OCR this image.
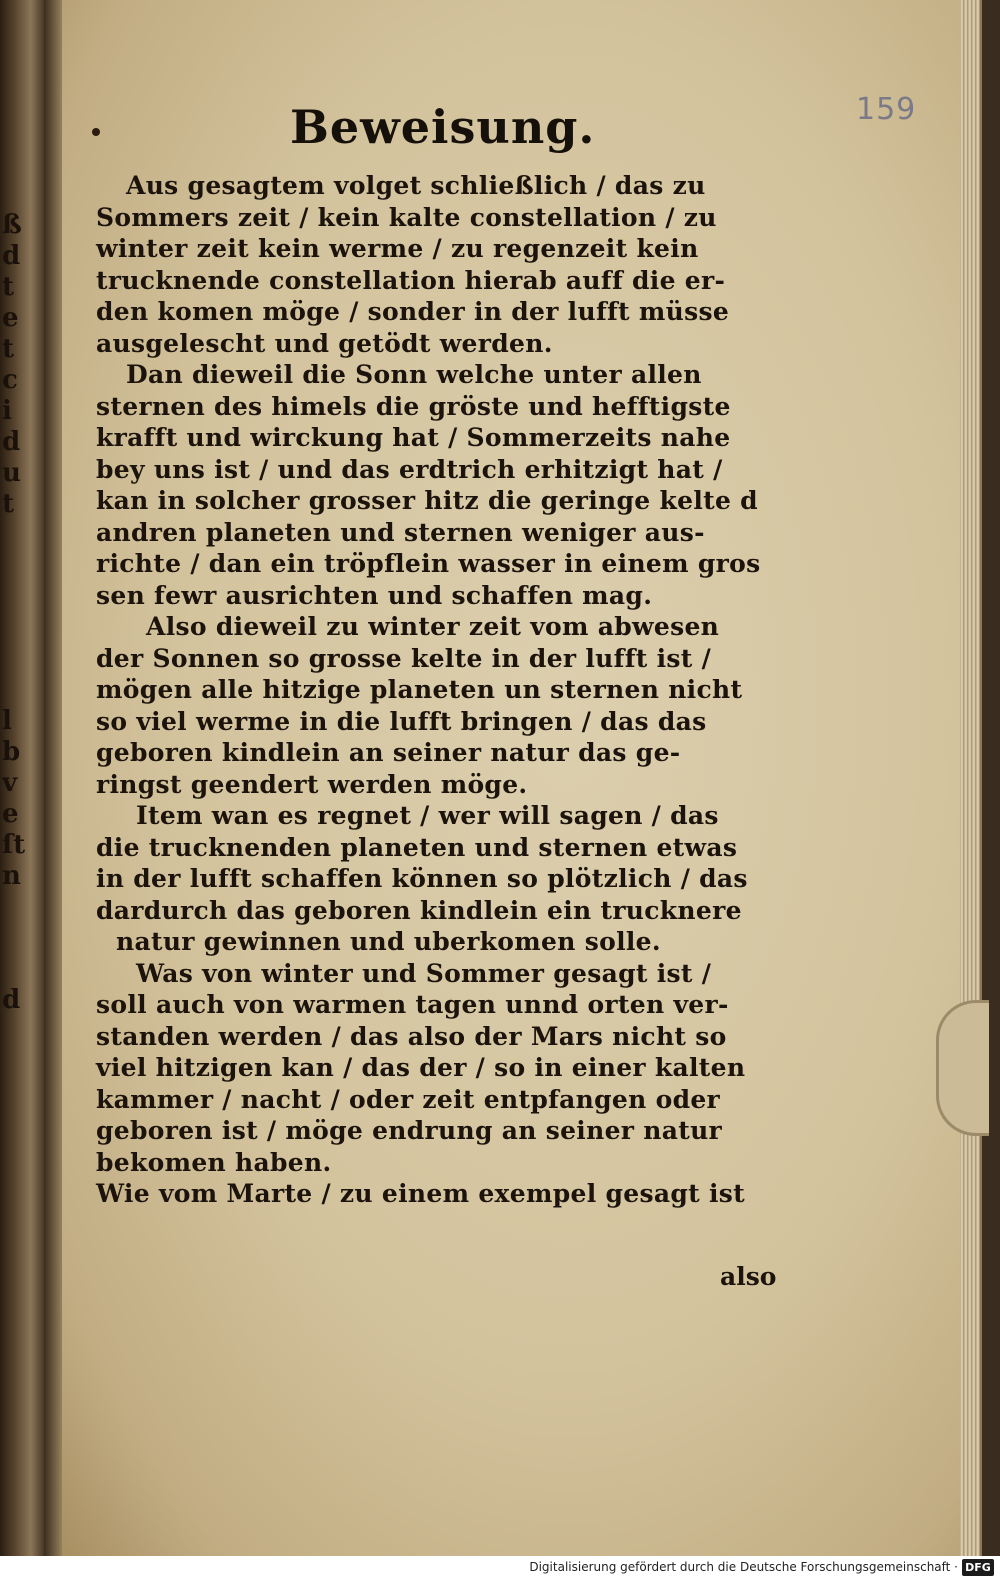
ß
d
t
e
t
c
i
d
u
t

l
b
v
e
ſt
n

d
159
Beweisung.
Aus gesagtem volget schließlich / das zu
Sommers zeit / kein kalte constellation / zu
winter zeit kein werme / zu regenzeit kein
trucknende constellation hierab auff die er-
den komen möge / sonder in der lufft müsse
ausgelescht und getödt werden.
Dan dieweil die Sonn welche unter allen
sternen des himels die gröste und hefftigste
krafft und wirckung hat / Sommerzeits nahe
bey uns ist / und das erdtrich erhitzigt hat /
kan in solcher grosser hitz die geringe kelte d
andren planeten und sternen weniger aus-
richte / dan ein tröpflein wasser in einem gros
sen fewr ausrichten und schaffen mag.
Also dieweil zu winter zeit vom abwesen
der Sonnen so grosse kelte in der lufft ist /
mögen alle hitzige planeten un sternen nicht
so viel werme in die lufft bringen / das das
geboren kindlein an seiner natur das ge-
ringst geendert werden möge.
Item wan es regnet / wer will sagen / das
die trucknenden planeten und sternen etwas
in der lufft schaffen können so plötzlich / das
dardurch das geboren kindlein ein trucknere
natur gewinnen und uberkomen solle.
Was von winter und Sommer gesagt ist /
soll auch von warmen tagen unnd orten ver-
standen werden / das also der Mars nicht so
viel hitzigen kan / das der / so in einer kalten
kammer / nacht / oder zeit entpfangen oder
geboren ist / möge endrung an seiner natur
bekomen haben.
Wie vom Marte / zu einem exempel gesagt ist
also
Digitalisierung gefördert durch die Deutsche Forschungsgemeinschaft · DFG
